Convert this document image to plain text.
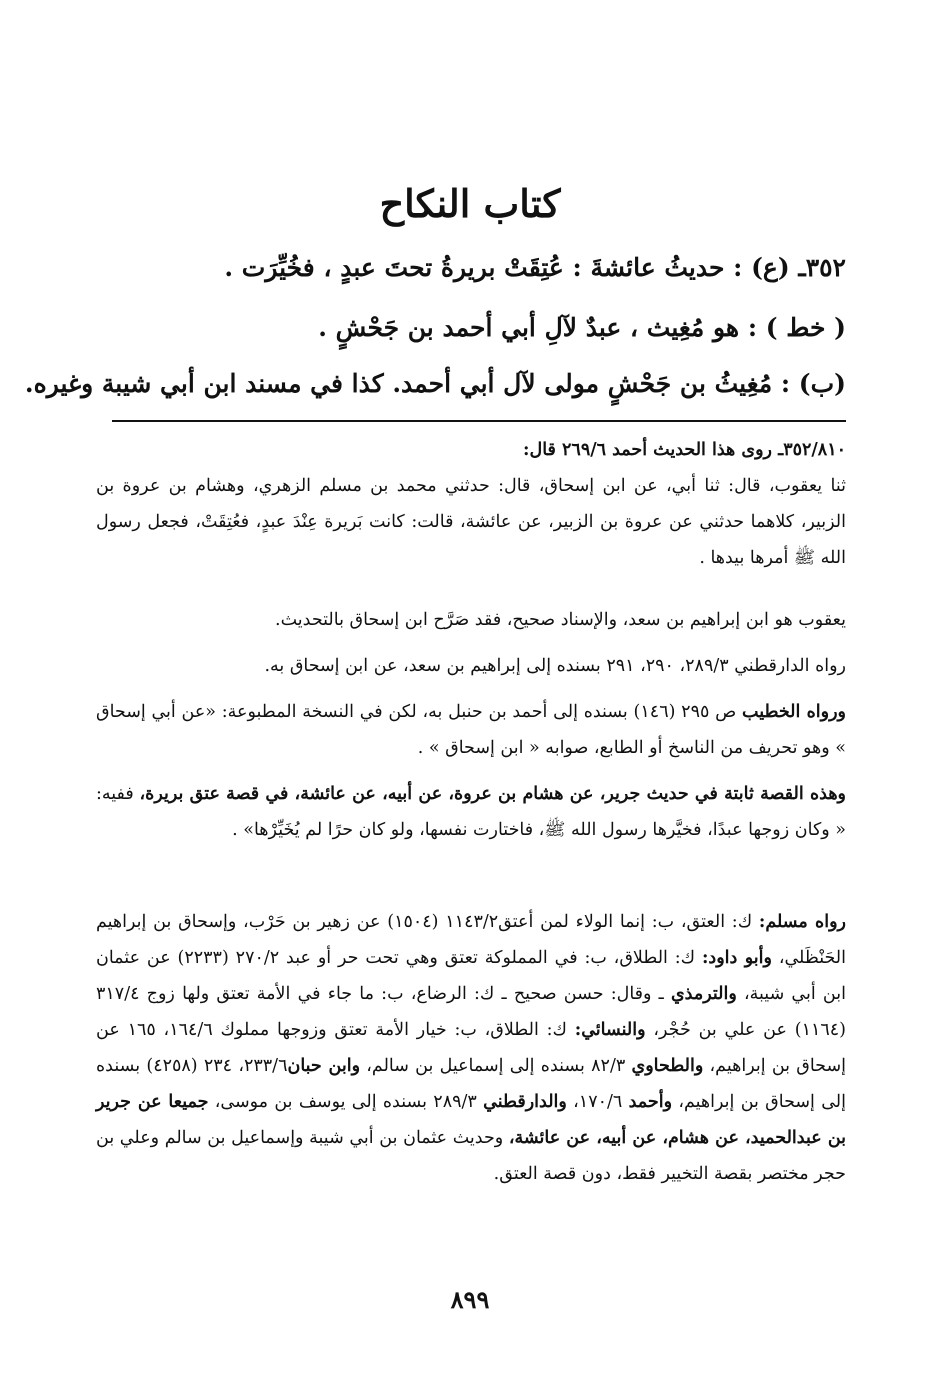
كتاب النكاح
٣٥٢ـ (ع) : حديثُ عائشةَ : عُتِقَتْ بريرةُ تحتَ عبدٍ ، فخُيِّرَت .
( خط ) : هو مُغِيث ، عبدٌ لآلِ أبي أحمد بن جَحْشٍ .
(ب) : مُغِيثُ بن جَحْشٍ مولى لآل أبي أحمد. كذا في مسند ابن أبي شيبة وغيره.
٣٥٢/٨١٠ـ روى هذا الحديث أحمد ٢٦٩/٦ قال:
ثنا يعقوب، قال: ثنا أبي، عن ابن إسحاق، قال: حدثني محمد بن مسلم الزهري، وهشام بن عروة بن الزبير، كلاهما حدثني عن عروة بن الزبير، عن عائشة، قالت: كانت بَريرة عِنْدَ عبدٍ، فعُتِقَتْ، فجعل رسول الله ﷺ أمرها بيدها .
يعقوب هو ابن إبراهيم بن سعد، والإسناد صحيح، فقد صَرَّح ابن إسحاق بالتحديث.
رواه الدارقطني ٢٨٩/٣، ٢٩٠، ٢٩١ بسنده إلى إبراهيم بن سعد، عن ابن إسحاق به.
ورواه الخطيب ص ٢٩٥ (١٤٦) بسنده إلى أحمد بن حنبل به، لكن في النسخة المطبوعة: «عن أبي إسحاق » وهو تحريف من الناسخ أو الطابع، صوابه « ابن إسحاق » .
وهذه القصة ثابتة في حديث جرير، عن هشام بن عروة، عن أبيه، عن عائشة، في قصة عتق بريرة، ففيه: « وكان زوجها عبدًا، فخيَّرها رسول الله ﷺ، فاختارت نفسها، ولو كان حرًا لم يُخَيِّرْها» .
رواه مسلم: ك: العتق، ب: إنما الولاء لمن أعتق١١٤٣/٢ (١٥٠٤) عن زهير بن حَرْب، وإسحاق بن إبراهيم الحَنْظَلي، وأبو داود: ك: الطلاق، ب: في المملوكة تعتق وهي تحت حر أو عبد ٢٧٠/٢ (٢٢٣٣) عن عثمان ابن أبي شيبة، والترمذي ـ وقال: حسن صحيح ـ ك: الرضاع، ب: ما جاء في الأمة تعتق ولها زوج ٣١٧/٤ (١١٦٤) عن علي بن حُجْر، والنسائي: ك: الطلاق، ب: خيار الأمة تعتق وزوجها مملوك ١٦٤/٦، ١٦٥ عن إسحاق بن إبراهيم، والطحاوي ٨٢/٣ بسنده إلى إسماعيل بن سالم، وابن حبان٢٣٣/٦، ٢٣٤ (٤٢٥٨) بسنده إلى إسحاق بن إبراهيم، وأحمد ١٧٠/٦، والدارقطني ٢٨٩/٣ بسنده إلى يوسف بن موسى، جميعا عن جرير بن عبدالحميد، عن هشام، عن أبيه، عن عائشة، وحديث عثمان بن أبي شيبة وإسماعيل بن سالم وعلي بن حجر مختصر بقصة التخيير فقط، دون قصة العتق.
٨٩٩
